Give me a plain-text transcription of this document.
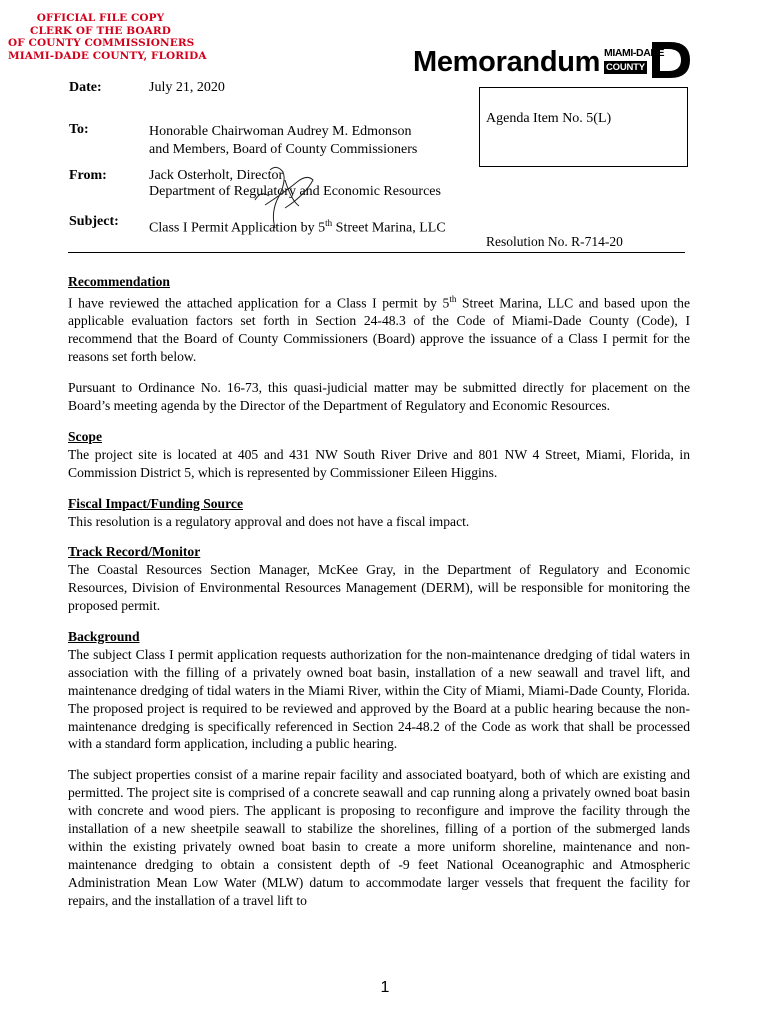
OFFICIAL FILE COPY
CLERK OF THE BOARD
OF COUNTY COMMISSIONERS
MIAMI-DADE COUNTY, FLORIDA	Memorandum MIAMI-DADE
COUNTY
Date:	July 21, 2020
To:	Honorable Chairwoman Audrey M. Edmonson
and Members, Board of County Commissioners
From:	Jack Osterholt, Director
Department of Regulatory and Economic Resources
Subject: Class I Permit Application by 5th Street Marina, LLC
Agenda Item No. 5(L)
Resolution No. R-714-20
Recommendation

I have reviewed the attached application for a Class I permit by 5th Street Marina, LLC and based upon the applicable evaluation factors set forth in Section 24-48.3 of the Code of Miami-Dade County (Code), I recommend that the Board of County Commissioners (Board) approve the issuance of a Class I permit for the reasons set forth below.

Pursuant to Ordinance No. 16-73, this quasi-judicial matter may be submitted directly for placement on the Board’s meeting agenda by the Director of the Department of Regulatory and Economic Resources.

Scope

The project site is located at 405 and 431 NW South River Drive and 801 NW 4 Street, Miami, Florida, in Commission District 5, which is represented by Commissioner Eileen Higgins.

Fiscal Impact/Funding Source

This resolution is a regulatory approval and does not have a fiscal impact.

Track Record/Monitor

The Coastal Resources Section Manager, McKee Gray, in the Department of Regulatory and Economic Resources, Division of Environmental Resources Management (DERM), will be responsible for monitoring the proposed permit.

Background

The subject Class I permit application requests authorization for the non-maintenance dredging of tidal waters in association with the filling of a privately owned boat basin, installation of a new seawall and travel lift, and maintenance dredging of tidal waters in the Miami River, within the City of Miami, Miami-Dade County, Florida. The proposed project is required to be reviewed and approved by the Board at a public hearing because the non-maintenance dredging is specifically referenced in Section 24-48.2 of the Code as work that shall be processed with a standard form application, including a public hearing.

The subject properties consist of a marine repair facility and associated boatyard, both of which are existing and permitted. The project site is comprised of a concrete seawall and cap running along a privately owned boat basin with concrete and wood piers. The applicant is proposing to reconfigure and improve the facility through the installation of a new sheetpile seawall to stabilize the shorelines, filling of a portion of the submerged lands within the existing privately owned boat basin to create a more uniform shoreline, maintenance and non-maintenance dredging to obtain a consistent depth of -9 feet National Oceanographic and Atmospheric Administration Mean Low Water (MLW) datum to accommodate larger vessels that frequent the facility for repairs, and the installation of a travel lift to

1
